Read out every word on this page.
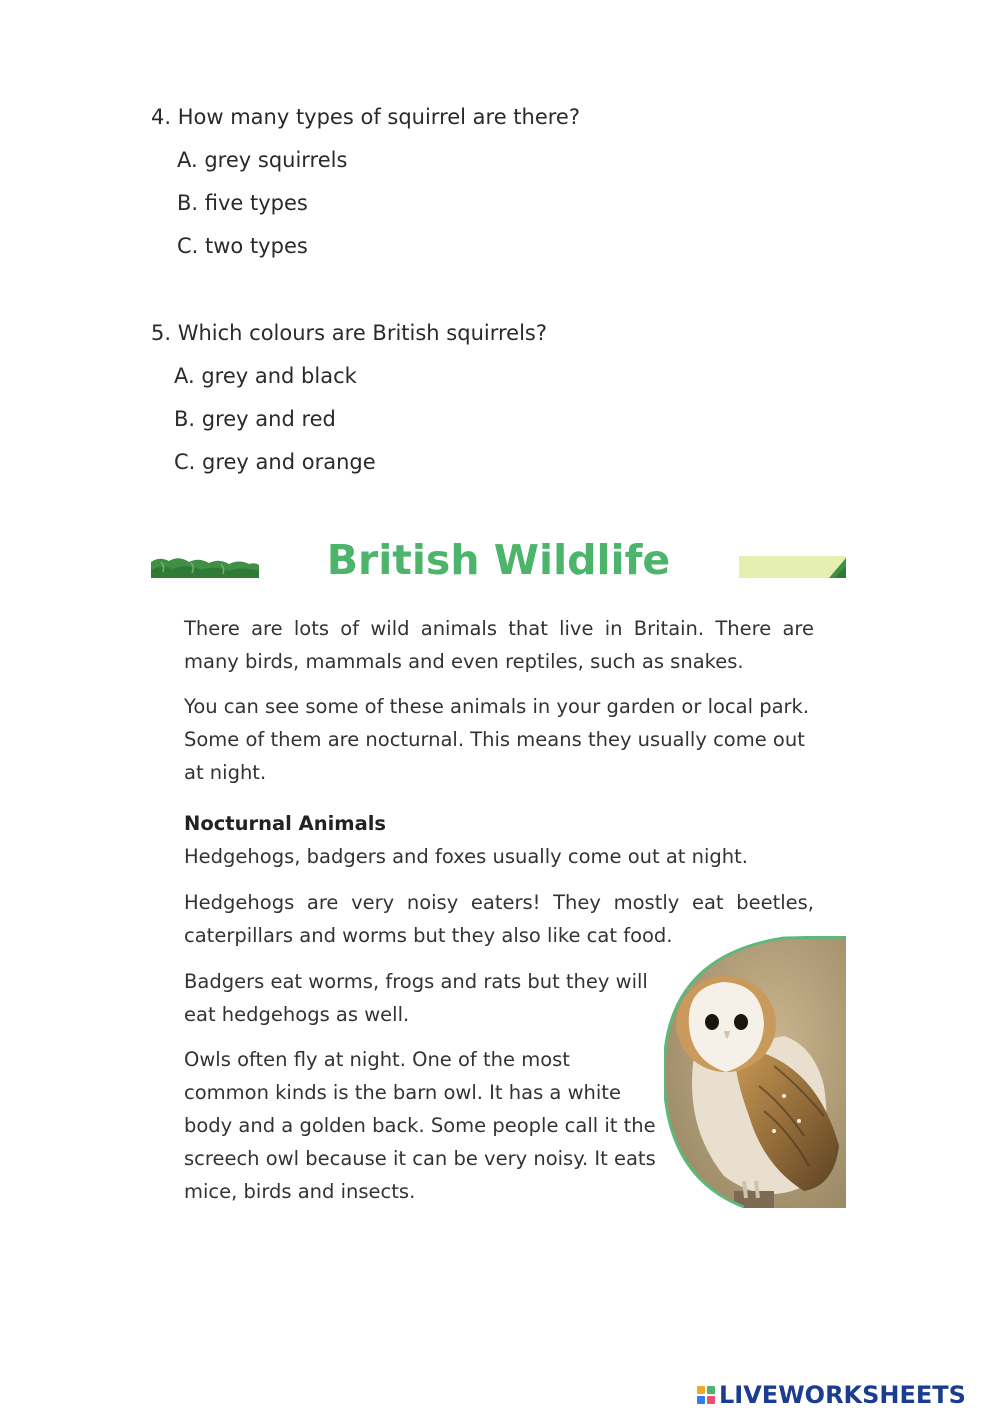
4. How many types of squirrel are there?

A. grey squirrels

B. five types

C. two types

5. Which colours are British squirrels?

A. grey and black

B. grey and red

C. grey and orange

British Wildlife

There are lots of wild animals that live in Britain. There are many birds, mammals and even reptiles, such as snakes.

You can see some of these animals in your garden or local park. Some of them are nocturnal. This means they usually come out at night.

Nocturnal Animals

Hedgehogs, badgers and foxes usually come out at night.

Hedgehogs are very noisy eaters! They mostly eat beetles, caterpillars and worms but they also like cat food.

Badgers eat worms, frogs and rats but they will eat hedgehogs as well.

Owls often fly at night. One of the most common kinds is the barn owl. It has a white body and a golden back. Some people call it the screech owl because it can be very noisy. It eats mice, birds and insects.

LIVEWORKSHEETS
